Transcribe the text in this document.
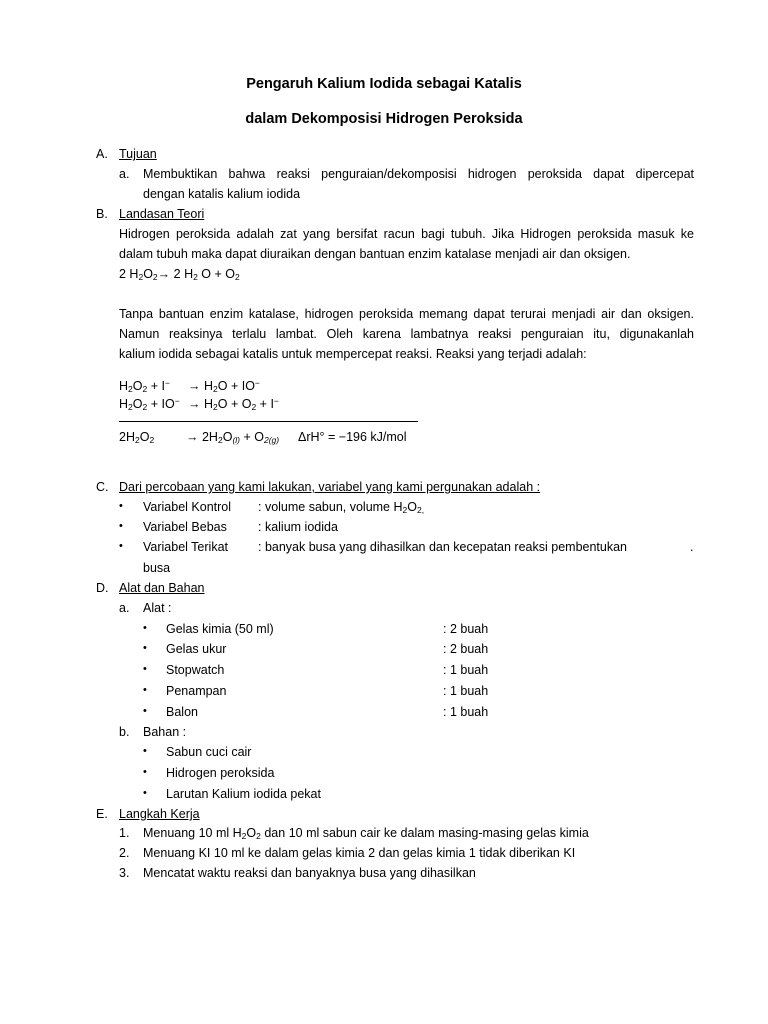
Pengaruh Kalium Iodida sebagai Katalis
dalam Dekomposisi Hidrogen Peroksida
A. Tujuan
a. Membuktikan bahwa reaksi penguraian/dekomposisi hidrogen peroksida dapat dipercepat
dengan katalis kalium iodida
B. Landasan Teori
Hidrogen peroksida adalah zat yang bersifat racun bagi tubuh. Jika Hidrogen peroksida masuk ke
dalam tubuh maka dapat diuraikan dengan bantuan enzim katalase menjadi air dan oksigen.
2 $H_2O_2\to 2$ $H_2$ $O + O_2$
Tanpa bantuan enzim katalase, hidrogen peroksida memang dapat terurai menjadi air dan oksigen.
Namun reaksinya terlalu lambat. Oleh karena lambatnya reaksi penguraian itu, digunakanlah
kalium iodida sebagai katalis untuk mempercepat reaksi. Reaksi yang terjadi adalah:
$H_2O_2 + I^- \to H_2O + IO^-$
$H_2O_2 + IO^- \to H_2O + O_2 + I^-$
$2H_2O_2$	→ $2H_2O_{(l)} + O_{2(g)}$ ΔrH° = −196 kJ/mol
C. Dari percobaan yang kami lakukan, variabel yang kami pergunakan adalah :
• Variabel Kontrol : volume sabun, volume $H_2O_{2,}$
• Variabel Bebas : kalium iodida
• Variabel Terikat : banyak busa yang dihasilkan dan kecepatan reaksi pembentukan	.
busa
D. Alat dan Bahan
a. Alat :
• Gelas kimia (50 ml)	: 2 buah
• Gelas ukur	: 2 buah
• Stopwatch	: 1 buah
• Penampan	: 1 buah
• Balon	: 1 buah
b. Bahan :
• Sabun cuci cair
• Hidrogen peroksida
• Larutan Kalium iodida pekat
E. Langkah Kerja
1. Menuang 10 ml $H_2O_2$ dan 10 ml sabun cair ke dalam masing-masing gelas kimia
2. Menuang KI 10 ml ke dalam gelas kimia 2 dan gelas kimia 1 tidak diberikan KI
3. Mencatat waktu reaksi dan banyaknya busa yang dihasilkan
